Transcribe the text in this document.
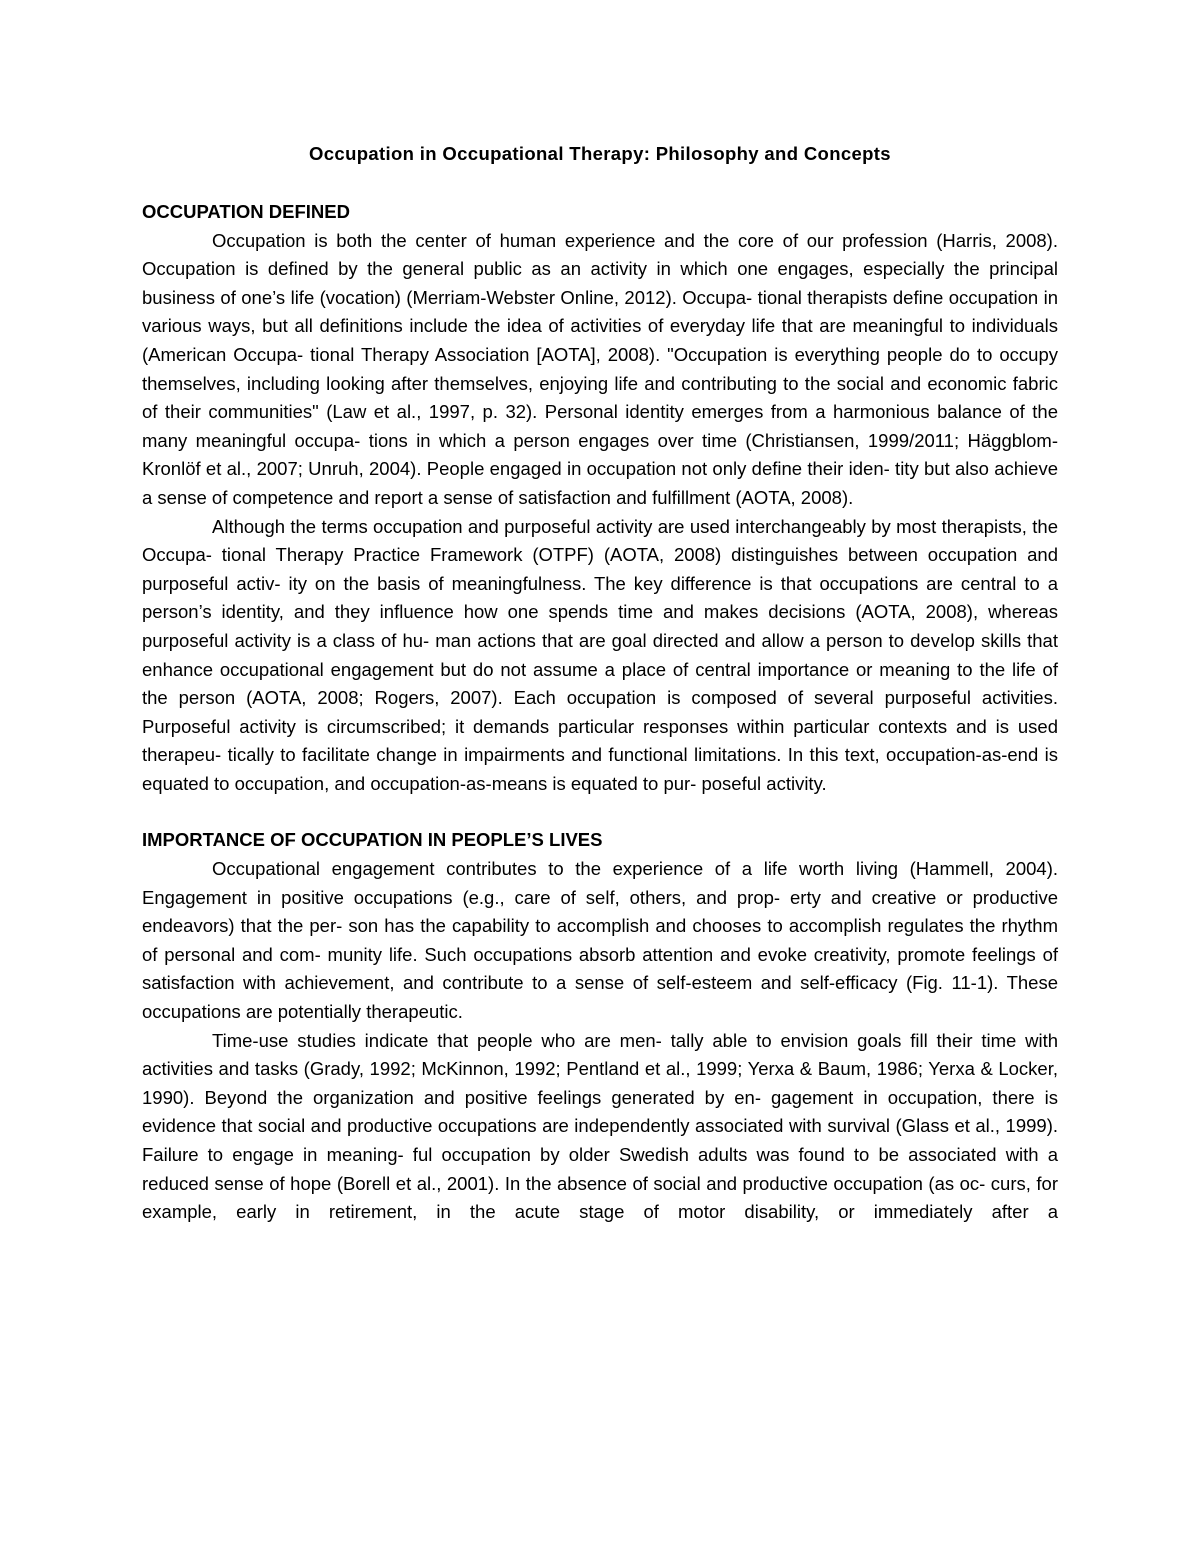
Occupation in Occupational Therapy: Philosophy and Concepts
OCCUPATION DEFINED

Occupation is both the center of human experience and the core of our profession (Harris, 2008). Occupation is defined by the general public as an activity in which one engages, especially the principal business of one’s life (vocation) (Merriam-Webster Online, 2012). Occupa- tional therapists define occupation in various ways, but all definitions include the idea of activities of everyday life that are meaningful to individuals (American Occupa- tional Therapy Association [AOTA], 2008). "Occupation is everything people do to occupy themselves, including looking after themselves, enjoying life and contributing to the social and economic fabric of their communities" (Law et al., 1997, p. 32). Personal identity emerges from a harmonious balance of the many meaningful occupa- tions in which a person engages over time (Christiansen, 1999/2011; Häggblom-Kronlöf et al., 2007; Unruh, 2004). People engaged in occupation not only define their iden- tity but also achieve a sense of competence and report a sense of satisfaction and fulfillment (AOTA, 2008).

Although the terms occupation and purposeful activity are used interchangeably by most therapists, the Occupa- tional Therapy Practice Framework (OTPF) (AOTA, 2008) distinguishes between occupation and purposeful activ- ity on the basis of meaningfulness. The key difference is that occupations are central to a person’s identity, and they influence how one spends time and makes decisions (AOTA, 2008), whereas purposeful activity is a class of hu- man actions that are goal directed and allow a person to develop skills that enhance occupational engagement but do not assume a place of central importance or meaning to the life of the person (AOTA, 2008; Rogers, 2007). Each occupation is composed of several purposeful activities. Purposeful activity is circumscribed; it demands particular responses within particular contexts and is used therapeu- tically to facilitate change in impairments and functional limitations. In this text, occupation-as-end is equated to occupation, and occupation-as-means is equated to pur- poseful activity.

IMPORTANCE OF OCCUPATION IN PEOPLE’S LIVES

Occupational engagement contributes to the experience of a life worth living (Hammell, 2004). Engagement in positive occupations (e.g., care of self, others, and prop- erty and creative or productive endeavors) that the per- son has the capability to accomplish and chooses to accomplish regulates the rhythm of personal and com- munity life. Such occupations absorb attention and evoke creativity, promote feelings of satisfaction with achievement, and contribute to a sense of self-esteem and self-efficacy (Fig. 11-1). These occupations are potentially therapeutic.

Time-use studies indicate that people who are men- tally able to envision goals fill their time with activities and tasks (Grady, 1992; McKinnon, 1992; Pentland et al., 1999; Yerxa & Baum, 1986; Yerxa & Locker, 1990). Beyond the organization and positive feelings generated by en- gagement in occupation, there is evidence that social and productive occupations are independently associated with survival (Glass et al., 1999). Failure to engage in meaning- ful occupation by older Swedish adults was found to be associated with a reduced sense of hope (Borell et al., 2001). In the absence of social and productive occupation (as oc- curs, for example, early in retirement, in the acute stage of motor disability, or immediately after a
